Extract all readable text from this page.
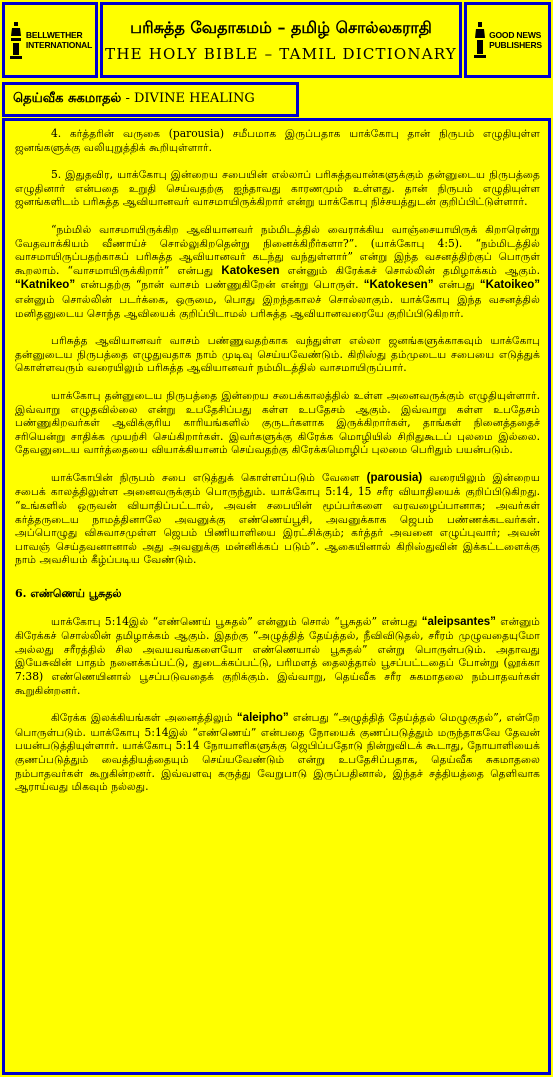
BELLWETHER
INTERNATIONAL
பரிசுத்த வேதாகமம் – தமிழ் சொல்லகராதி
THE HOLY BIBLE – TAMIL DICTIONARY
GOOD NEWS
PUBLISHERS
தெய்வீக சுகமாதல் - DIVINE HEALING

4. கர்த்தரின் வருகை (parousia) சமீபமாக இருப்பதாக யாக்கோபு தான் நிருபம் எழுதியுள்ள ஜனங்களுக்கு வலியுறுத்திக் கூறியுள்ளார்.

5. இதுதவிர, யாக்கோபு இன்றைய சபையின் எல்லாப் பரிசுத்தவான்களுக்கும் தன்னுடைய நிருபத்தை எழுதினார் என்பதை உறுதி செய்வதற்கு ஐந்தாவது காரணமும் உள்ளது. தான் நிருபம் எழுதியுள்ள ஜனங்களிடம் பரிசுத்த ஆவியானவர் வாசமாயிருக்கிறார் என்று யாக்கோபு நிச்சயத்துடன் குறிப்பிட்டுள்ளார்.

“நம்மில் வாசமாயிருக்கிற ஆவியானவர் நம்மிடத்தில் வைராக்கிய வாஞ்சையாயிருக் கிறாரென்று வேதவாக்கியம் வீணாய்ச் சொல்லுகிறதென்று நினைக்கிறீர்களா?”. (யாக்கோபு 4:5). “நம்மிடத்தில் வாசமாயிருப்பதற்காகப் பரிசுத்த ஆவியானவர் கடந்து வந்துள்ளார்” என்று இந்த வசனத்திற்குப் பொருள் கூறலாம். “வாசமாயிருக்கிறார்” என்பது Katokesen என்னும் கிரேக்கச் சொல்லின் தமிழாக்கம் ஆகும். “Katnikeo” என்பதற்கு “நான் வாசம் பண்ணுகிறேன் என்று பொருள். “Katokesen” என்பது “Katoikeo” என்னும் சொல்லின் படர்க்கை, ஒருமை, பொது இறந்தகாலச் சொல்லாகும். யாக்கோபு இந்த வசனத்தில் மனிதனுடைய சொந்த ஆவியைக் குறிப்பிடாமல் பரிசுத்த ஆவியானவரையே குறிப்பிடுகிறார்.

பரிசுத்த ஆவியானவர் வாசம் பண்ணுவதற்காக வந்துள்ள எல்லா ஜனங்களுக்காகவும் யாக்கோபு தன்னுடைய நிருபத்தை எழுதுவதாக நாம் முடிவு செய்யவேண்டும். கிறிஸ்து தம்முடைய சபையை எடுத்துக் கொள்ளவரும் வரையிலும் பரிசுத்த ஆவியானவர் நம்மிடத்தில் வாசமாயிருப்பார்.

யாக்கோபு தன்னுடைய நிருபத்தை இன்றைய சபைக்காலத்தில் உள்ள அனைவருக்கும் எழுதியுள்ளார். இவ்வாறு எழுதவில்லை என்று உபதேசிப்பது கள்ள உபதேசம் ஆகும். இவ்வாறு கள்ள உபதேசம் பண்ணுகிறவர்கள் ஆவிக்குரிய காரியங்களில் குருடர்களாக இருக்கிறார்கள், தாங்கள் நினைத்ததைச் சரியென்று சாதிக்க முயற்சி செய்கிறார்கள். இவர்களுக்கு கிரேக்க மொழியில் சிறிதுகூடப் புலமை இல்லை. தேவனுடைய வார்த்தையை வியாக்கியானம் செய்வதற்கு கிரேக்கமொழிப் புலமை பெரிதும் பயன்படும்.

யாக்கோபின் நிருபம் சபை எடுத்துக் கொள்ளப்படும் வேளை (parousia) வரையிலும் இன்றைய சபைக் காலத்திலுள்ள அனைவருக்கும் பொருந்தும். யாக்கோபு 5:14, 15 சரீர வியாதியைக் குறிப்பிடுகிறது. “உங்களில் ஒருவன் வியாதிப்பட்டால், அவன் சபையின் மூப்பர்களை வரவழைப்பானாக; அவர்கள் கர்த்தருடைய நாமத்தினாலே அவனுக்கு எண்ணெய்பூசி, அவனுக்காக ஜெபம் பண்ணக்கடவர்கள். அப்பொழுது விசுவாசமுள்ள ஜெபம் பிணியாளியை இரட்சிக்கும்; கர்த்தர் அவனை எழுப்புவார்; அவன் பாவஞ் செய்தவனானால் அது அவனுக்கு மன்னிக்கப் படும்”. ஆகையினால் கிறிஸ்துவின் இக்கட்டளைக்கு நாம் அவசியம் கீழ்ப்படிய வேண்டும்.

6. எண்ணெய் பூசுதல்

யாக்கோபு 5:14இல் “எண்ணெய் பூசுதல்” என்னும் சொல் “பூசுதல்” என்பது “aleipsantes” என்னும் கிரேக்கச் சொல்லின் தமிழாக்கம் ஆகும். இதற்கு “அழுத்தித் தேய்த்தல், நீவிவிடுதல், சரீரம் முழுவதையுமோ அல்லது சரீரத்தில் சில அவயவங்களையோ எண்ணெயால் பூசுதல்” என்று பொருள்படும். அதாவது இயேசுவின் பாதம் நனைக்கப்பட்டு, துடைக்கப்பட்டு, பரிமளத் தைலத்தால் பூசப்பட்டதைப் போன்று (லூக்கா 7:38) எண்ணெயினால் பூசப்படுவதைக் குறிக்கும். இவ்வாறு, தெய்வீக சரீர சுகமாதலை நம்பாதவர்கள் கூறுகின்றனர்.

கிரேக்க இலக்கியங்கள் அனைத்திலும் “aleipho” என்பது “அழுத்தித் தேய்த்தல் மெழுகுதல்”, என்றே பொருள்படும். யாக்கோபு 5:14இல் “எண்ணெய்” என்பதை நோயைக் குணப்படுத்தும் மருந்தாகவே தேவன் பயன்படுத்தியுள்ளார். யாக்கோபு 5:14 நோயாளிகளுக்கு ஜெபிப்பதோடு நின்றுவிடக் கூடாது, நோயாளியைக் குணப்படுத்தும் வைத்தியத்தையும் செய்யவேண்டும் என்று உபதேசிப்பதாக, தெய்வீக சுகமாதலை நம்பாதவர்கள் கூறுகின்றனர். இவ்வளவு கருத்து வேறுபாடு இருப்பதினால், இந்தச் சத்தியத்தை தெளிவாக ஆராய்வது மிகவும் நல்லது.
